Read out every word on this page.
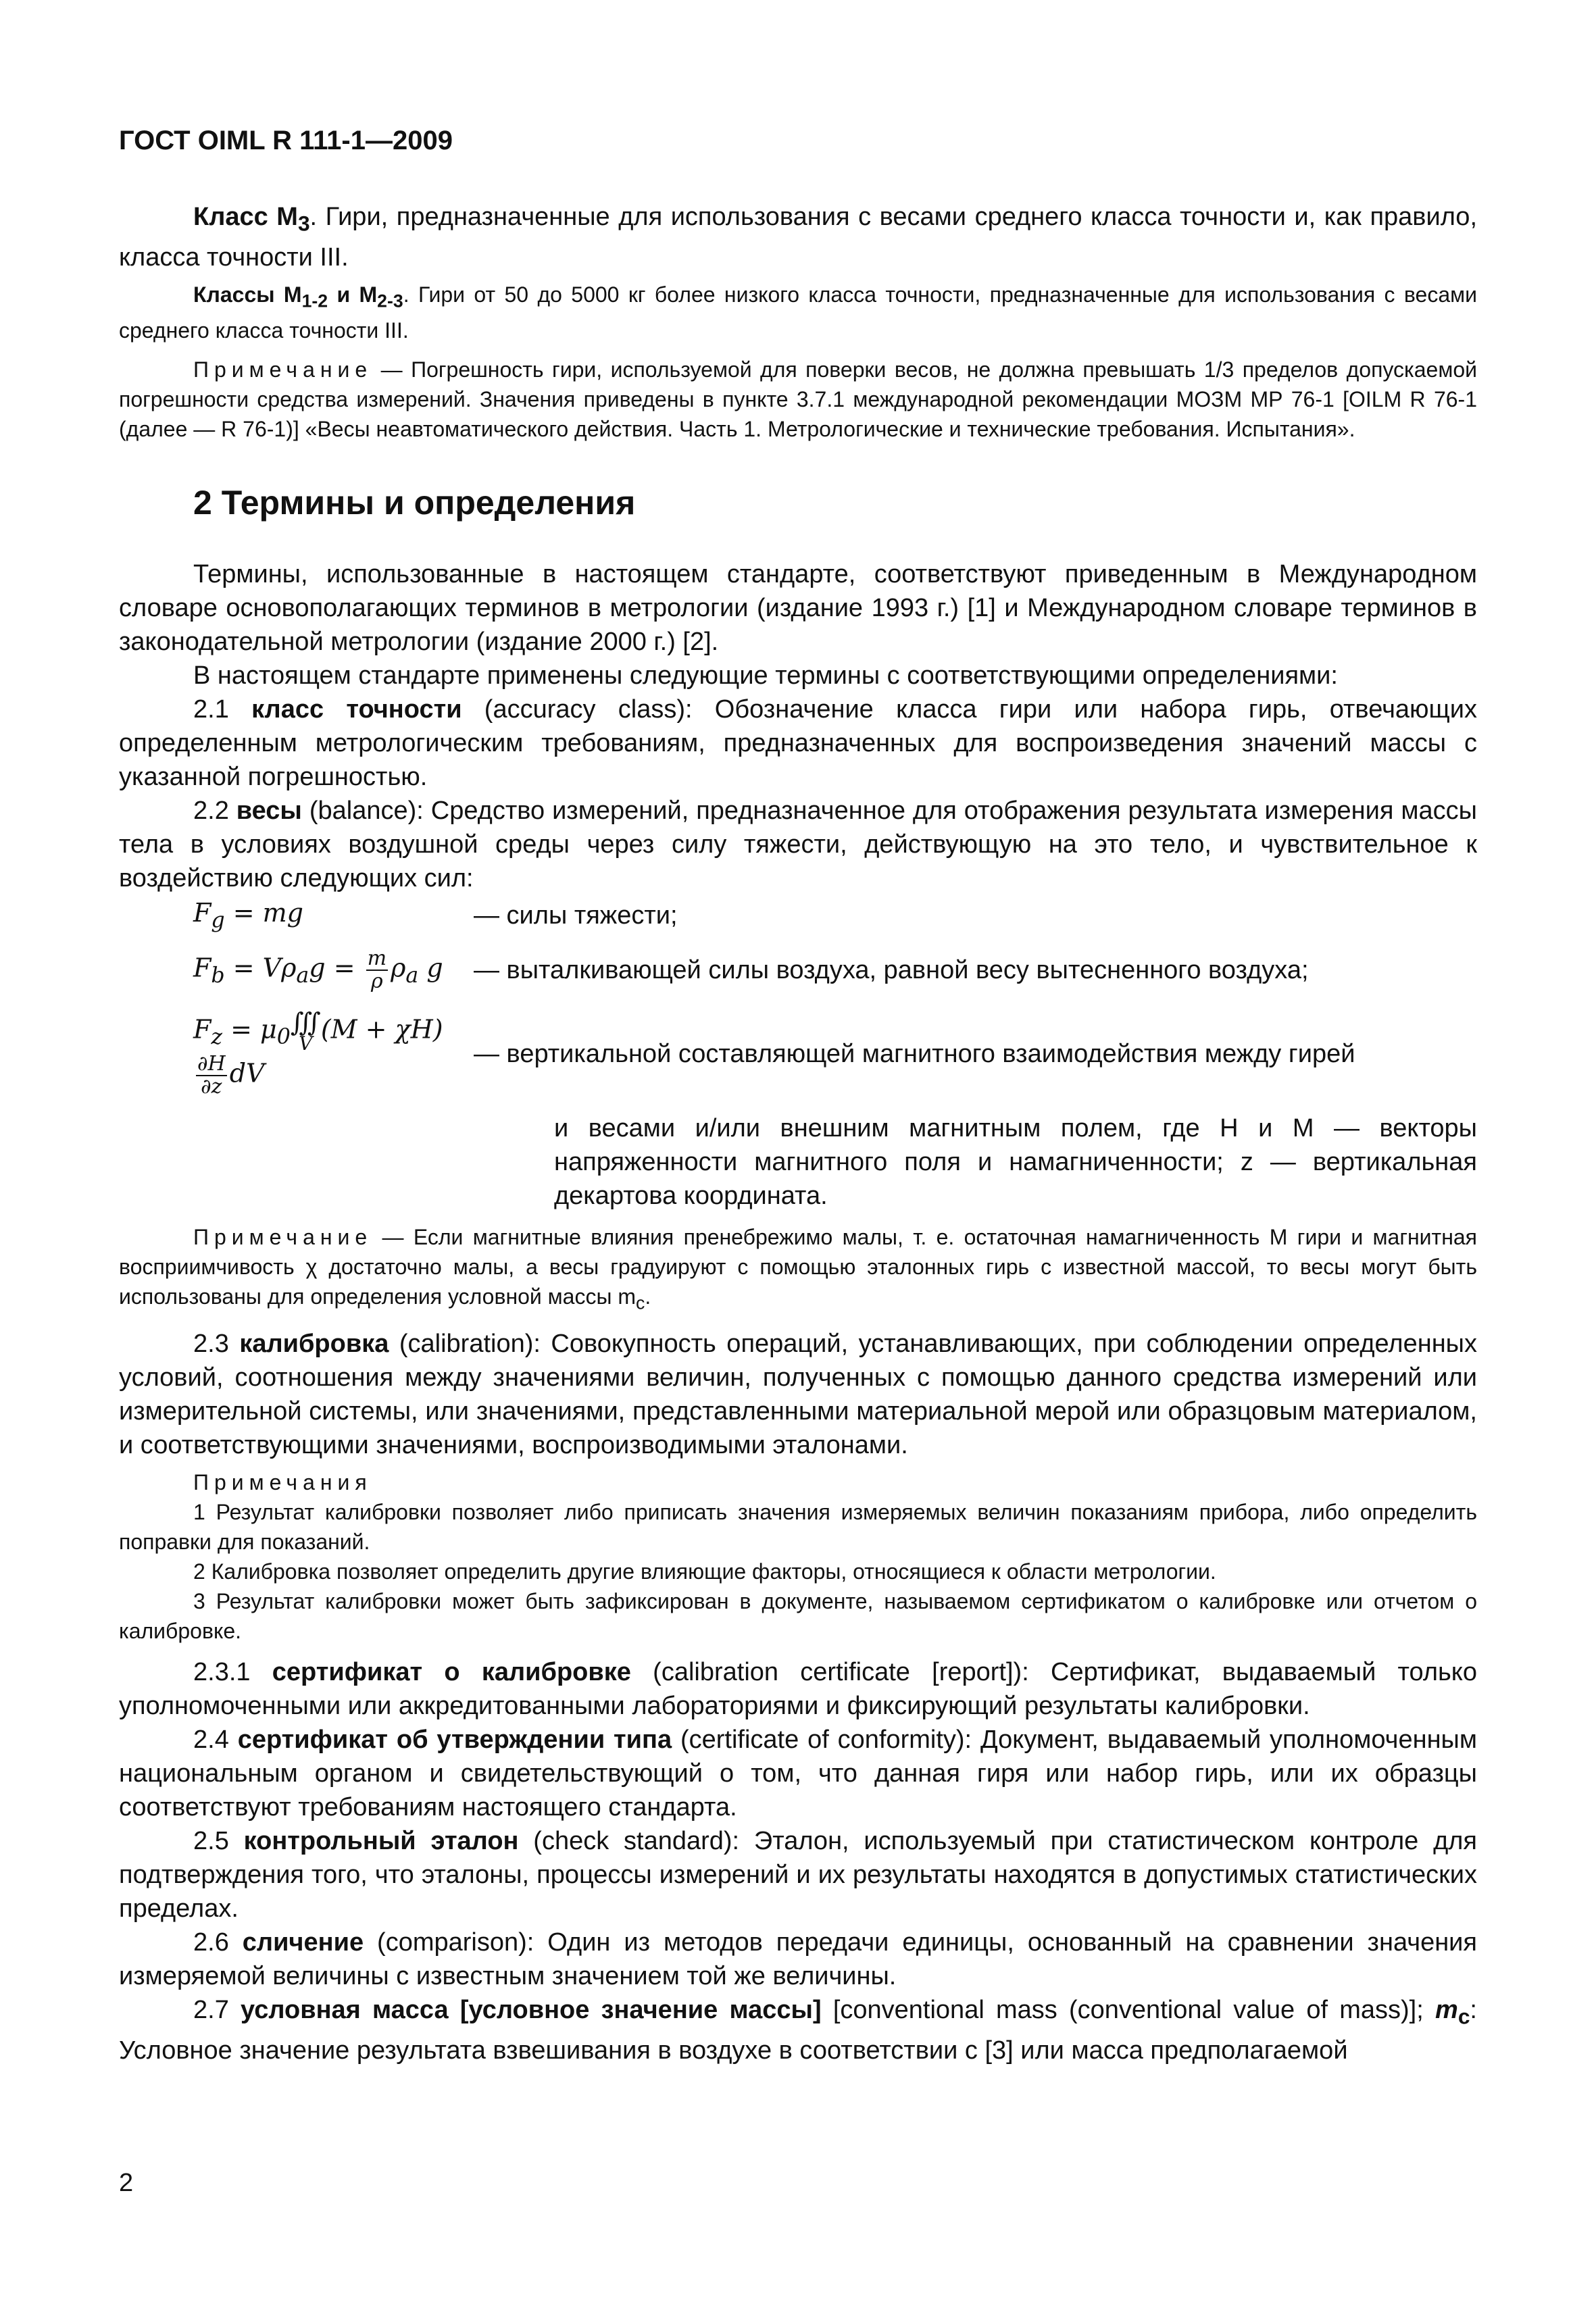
ГОСТ OIML R 111-1—2009

Класс $M_3$. Гири, предназначенные для использования с весами среднего класса точности и, как правило, класса точности III.

Классы $M_{1-2}$ и $M_{2-3}$. Гири от 50 до 5000 кг более низкого класса точности, предназначенные для использования с весами среднего класса точности III.

Примечание — Погрешность гири, используемой для поверки весов, не должна превышать 1/3 пределов допускаемой погрешности средства измерений. Значения приведены в пункте 3.7.1 международной рекомендации МОЗМ МР 76-1 [OILM R 76-1 (далее — R 76-1)] «Весы неавтоматического действия. Часть 1. Метрологические и технические требования. Испытания».

2 Термины и определения

Термины, использованные в настоящем стандарте, соответствуют приведенным в Международном словаре основополагающих терминов в метрологии (издание 1993 г.) [1] и Международном словаре терминов в законодательной метрологии (издание 2000 г.) [2].

В настоящем стандарте применены следующие термины с соответствующими определениями:

2.1 класс точности (accuracy class): Обозначение класса гири или набора гирь, отвечающих определенным метрологическим требованиям, предназначенных для воспроизведения значений массы с указанной погрешностью.

2.2 весы (balance): Средство измерений, предназначенное для отображения результата измерения массы тела в условиях воздушной среды через силу тяжести, действующую на это тело, и чувствительное к воздействию следующих сил:

$F_g$ = mg	— силы тяжести;
$F_b = V\rho_ag = \frac{m}{\rho} \rho_a$ g	— выталкивающей силы воздуха, равной весу вытесненного воздуха;
$F_z = \mu_0$
∭
V (M + χH)
$\frac{\partial H}{\partial z}$ dV
— вертикальной составляющей магнитного взаимодействия между гирей

и весами и/или внешним магнитным полем, где H и M — векторы напряженности магнитного поля и намагниченности; z — вертикальная декартова координата.

Примечание — Если магнитные влияния пренебрежимо малы, т. е. остаточная намагниченность M гири и магнитная восприимчивость χ достаточно малы, а весы градуируют с помощью эталонных гирь с известной массой, то весы могут быть использованы для определения условной массы $m_c$.

2.3 калибровка (calibration): Совокупность операций, устанавливающих, при соблюдении определенных условий, соотношения между значениями величин, полученных с помощью данного средства измерений или измерительной системы, или значениями, представленными материальной мерой или образцовым материалом, и соответствующими значениями, воспроизводимыми эталонами.

Примечания

1 Результат калибровки позволяет либо приписать значения измеряемых величин показаниям прибора, либо определить поправки для показаний.

2 Калибровка позволяет определить другие влияющие факторы, относящиеся к области метрологии.

3 Результат калибровки может быть зафиксирован в документе, называемом сертификатом о калибровке или отчетом о калибровке.

2.3.1 сертификат о калибровке (calibration certificate [report]): Сертификат, выдаваемый только уполномоченными или аккредитованными лабораториями и фиксирующий результаты калибровки.

2.4 сертификат об утверждении типа (certificate of conformity): Документ, выдаваемый уполномоченным национальным органом и свидетельствующий о том, что данная гиря или набор гирь, или их образцы соответствуют требованиям настоящего стандарта.

2.5 контрольный эталон (check standard): Эталон, используемый при статистическом контроле для подтверждения того, что эталоны, процессы измерений и их результаты находятся в допустимых статистических пределах.

2.6 сличение (comparison): Один из методов передачи единицы, основанный на сравнении значения измеряемой величины с известным значением той же величины.

2.7 условная масса [условное значение массы] [conventional mass (conventional value of mass)]; $m_c$: Условное значение результата взвешивания в воздухе в соответствии с [3] или масса предполагаемой

2
